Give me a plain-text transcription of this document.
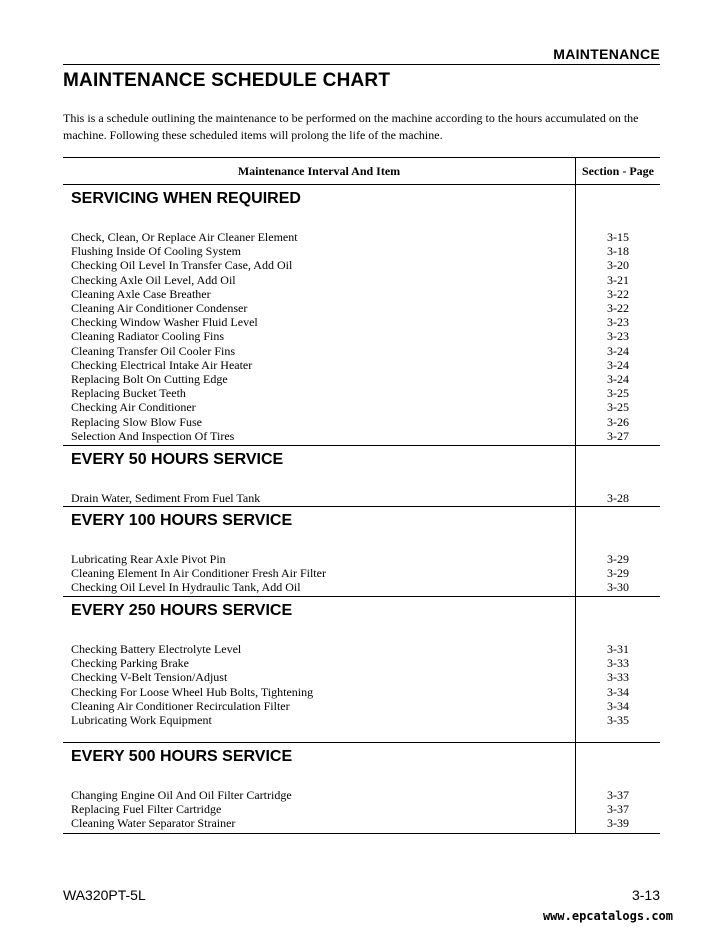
MAINTENANCE
MAINTENANCE SCHEDULE CHART
This is a schedule outlining the maintenance to be performed on the machine according to the hours accumulated on the machine. Following these scheduled items will prolong the life of the machine.
Maintenance Interval And Item	Section - Page
SERVICING WHEN REQUIRED
Check, Clean, Or Replace Air Cleaner Element	3-15
Flushing Inside Of Cooling System	3-18
Checking Oil Level In Transfer Case, Add Oil	3-20
Checking Axle Oil Level, Add Oil	3-21
Cleaning Axle Case Breather	3-22
Cleaning Air Conditioner Condenser	3-22
Checking Window Washer Fluid Level	3-23
Cleaning Radiator Cooling Fins	3-23
Cleaning Transfer Oil Cooler Fins	3-24
Checking Electrical Intake Air Heater	3-24
Replacing Bolt On Cutting Edge	3-24
Replacing Bucket Teeth	3-25
Checking Air Conditioner	3-25
Replacing Slow Blow Fuse	3-26
Selection And Inspection Of Tires	3-27
EVERY 50 HOURS SERVICE
Drain Water, Sediment From Fuel Tank	3-28
EVERY 100 HOURS SERVICE
Lubricating Rear Axle Pivot Pin	3-29
Cleaning Element In Air Conditioner Fresh Air Filter	3-29
Checking Oil Level In Hydraulic Tank, Add Oil	3-30
EVERY 250 HOURS SERVICE
Checking Battery Electrolyte Level	3-31
Checking Parking Brake	3-33
Checking V-Belt Tension/Adjust	3-33
Checking For Loose Wheel Hub Bolts, Tightening	3-34
Cleaning Air Conditioner Recirculation Filter	3-34
Lubricating Work Equipment	3-35
EVERY 500 HOURS SERVICE
Changing Engine Oil And Oil Filter Cartridge	3-37
Replacing Fuel Filter Cartridge	3-37
Cleaning Water Separator Strainer	3-39
WA320PT-5L	3-13
www.epcatalogs.com
